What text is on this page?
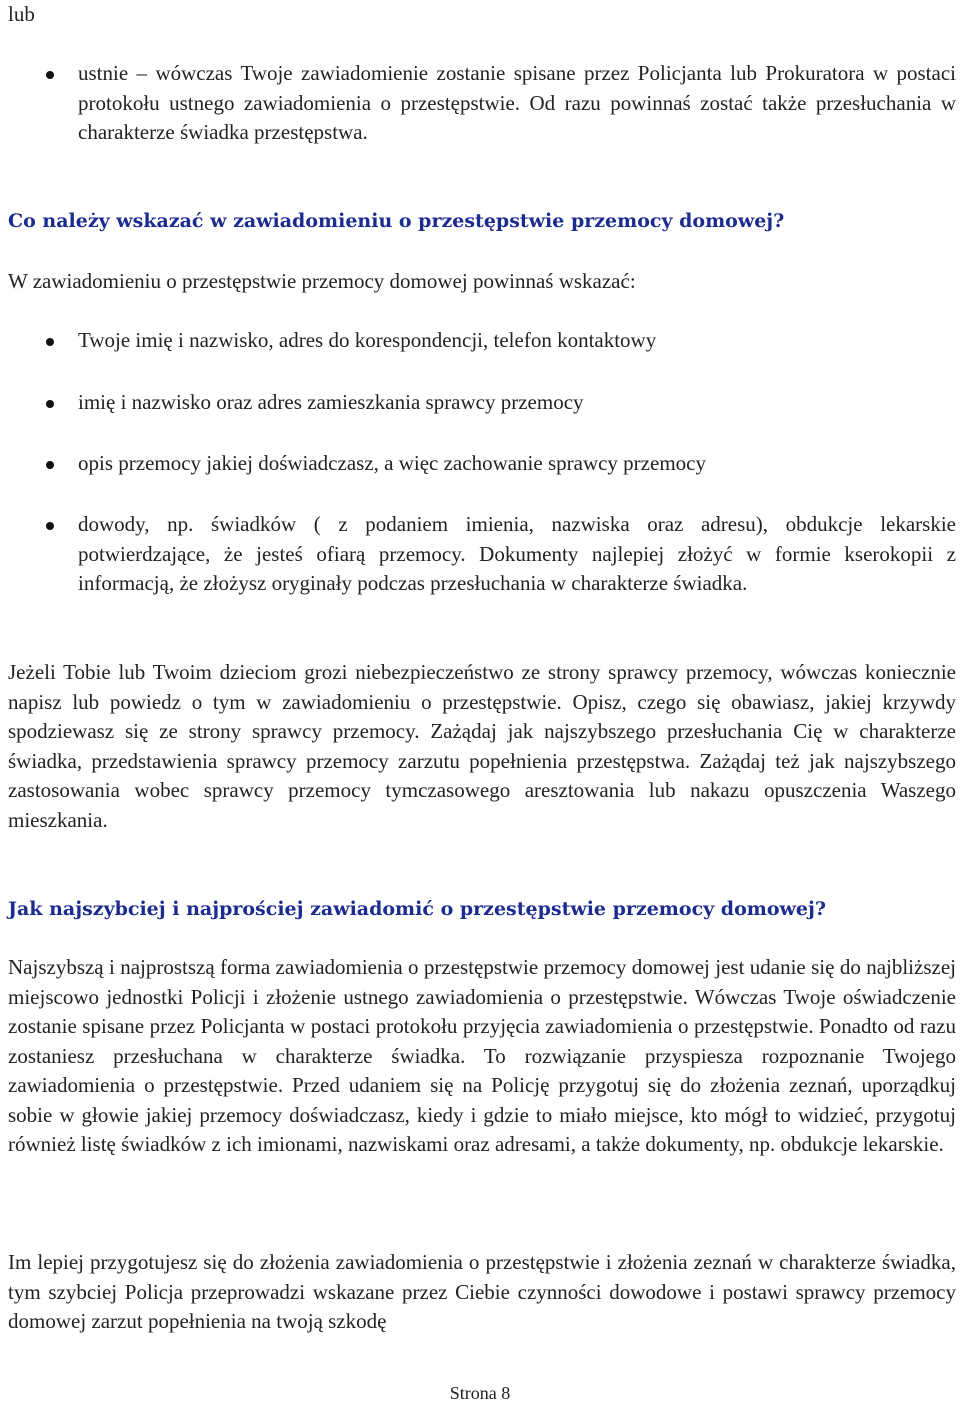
lub
ustnie – wówczas Twoje zawiadomienie zostanie spisane przez Policjanta lub Prokuratora w postaci protokołu ustnego zawiadomienia o przestępstwie. Od razu powinnaś zostać także przesłuchania w charakterze świadka przestępstwa.
Co należy wskazać w zawiadomieniu o przestępstwie przemocy domowej?
W zawiadomieniu o przestępstwie przemocy domowej powinnaś wskazać:
Twoje imię i nazwisko, adres do korespondencji, telefon kontaktowy
imię i nazwisko oraz adres zamieszkania sprawcy przemocy
opis przemocy jakiej doświadczasz, a więc zachowanie sprawcy przemocy
dowody, np. świadków ( z podaniem imienia, nazwiska oraz adresu), obdukcje lekarskie potwierdzające, że jesteś ofiarą przemocy. Dokumenty najlepiej złożyć w formie kserokopii z informacją, że złożysz oryginały podczas przesłuchania w charakterze świadka.
Jeżeli Tobie lub Twoim dzieciom grozi niebezpieczeństwo ze strony sprawcy przemocy, wówczas koniecznie napisz lub powiedz o tym w zawiadomieniu o przestępstwie. Opisz, czego się obawiasz, jakiej krzywdy spodziewasz się ze strony sprawcy przemocy. Zażądaj jak najszybszego przesłuchania Cię w charakterze świadka, przedstawienia sprawcy przemocy zarzutu popełnienia przestępstwa. Zażądaj też jak najszybszego zastosowania wobec sprawcy przemocy tymczasowego aresztowania lub nakazu opuszczenia Waszego mieszkania.
Jak najszybciej i najprościej zawiadomić o przestępstwie przemocy domowej?
Najszybszą i najprostszą forma zawiadomienia o przestępstwie przemocy domowej jest udanie się do najbliższej miejscowo jednostki Policji i złożenie ustnego zawiadomienia o przestępstwie. Wówczas Twoje oświadczenie zostanie spisane przez Policjanta w postaci protokołu przyjęcia zawiadomienia o przestępstwie. Ponadto od razu zostaniesz przesłuchana w charakterze świadka. To rozwiązanie przyspiesza rozpoznanie Twojego zawiadomienia o przestępstwie. Przed udaniem się na Policję przygotuj się do złożenia zeznań, uporządkuj sobie w głowie jakiej przemocy doświadczasz, kiedy i gdzie to miało miejsce, kto mógł to widzieć, przygotuj również listę świadków z ich imionami, nazwiskami oraz adresami, a także dokumenty, np. obdukcje lekarskie.
Im lepiej przygotujesz się do złożenia zawiadomienia o przestępstwie i złożenia zeznań w charakterze świadka, tym szybciej Policja przeprowadzi wskazane przez Ciebie czynności dowodowe i postawi sprawcy przemocy domowej zarzut popełnienia na twoją szkodę
Strona 8
